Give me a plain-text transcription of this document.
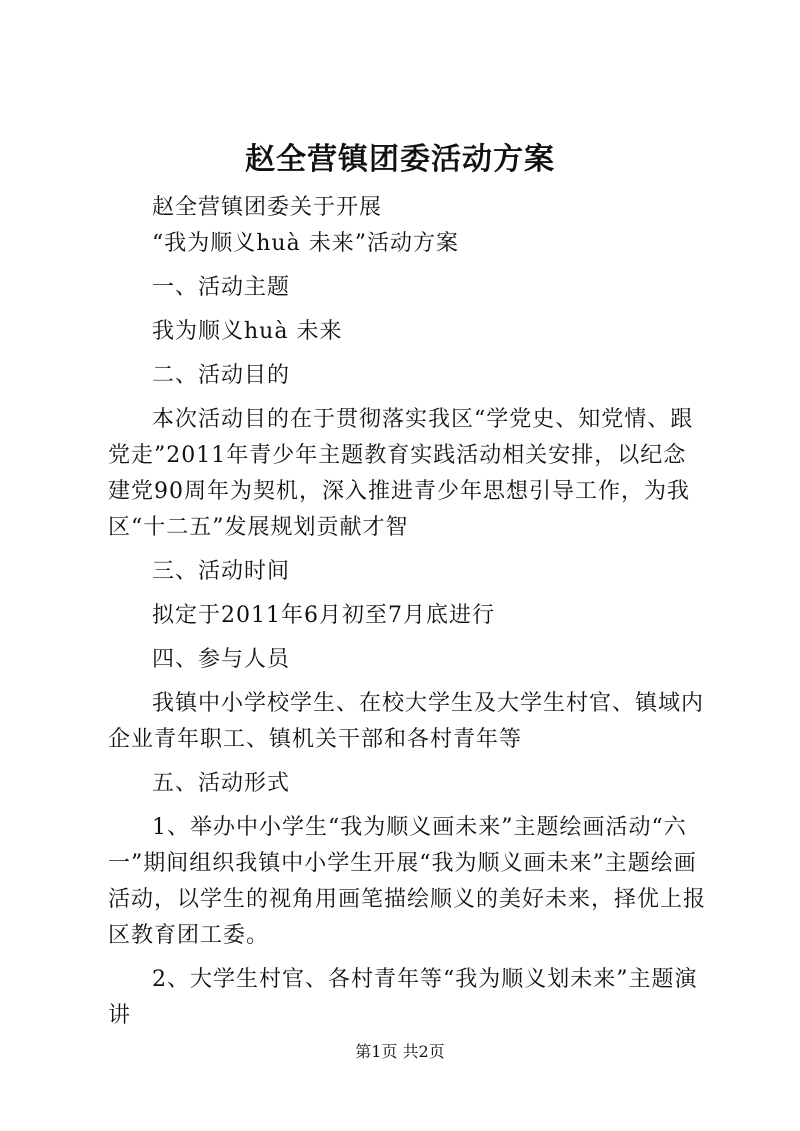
赵全营镇团委活动方案

赵全营镇团委关于开展

“我为顺义huà 未来”活动方案

一、活动主题

我为顺义huà 未来

二、活动目的

本次活动目的在于贯彻落实我区“学党史、知党情、跟党走”2011年青少年主题教育实践活动相关安排，以纪念建党90周年为契机，深入推进青少年思想引导工作，为我区“十二五”发展规划贡献才智

三、活动时间

拟定于2011年6月初至7月底进行

四、参与人员

我镇中小学校学生、在校大学生及大学生村官、镇域内企业青年职工、镇机关干部和各村青年等

五、活动形式

1、举办中小学生“我为顺义画未来”主题绘画活动“六一”期间组织我镇中小学生开展“我为顺义画未来”主题绘画活动，以学生的视角用画笔描绘顺义的美好未来，择优上报区教育团工委。

2、大学生村官、各村青年等“我为顺义划未来”主题演讲

第1页 共2页
